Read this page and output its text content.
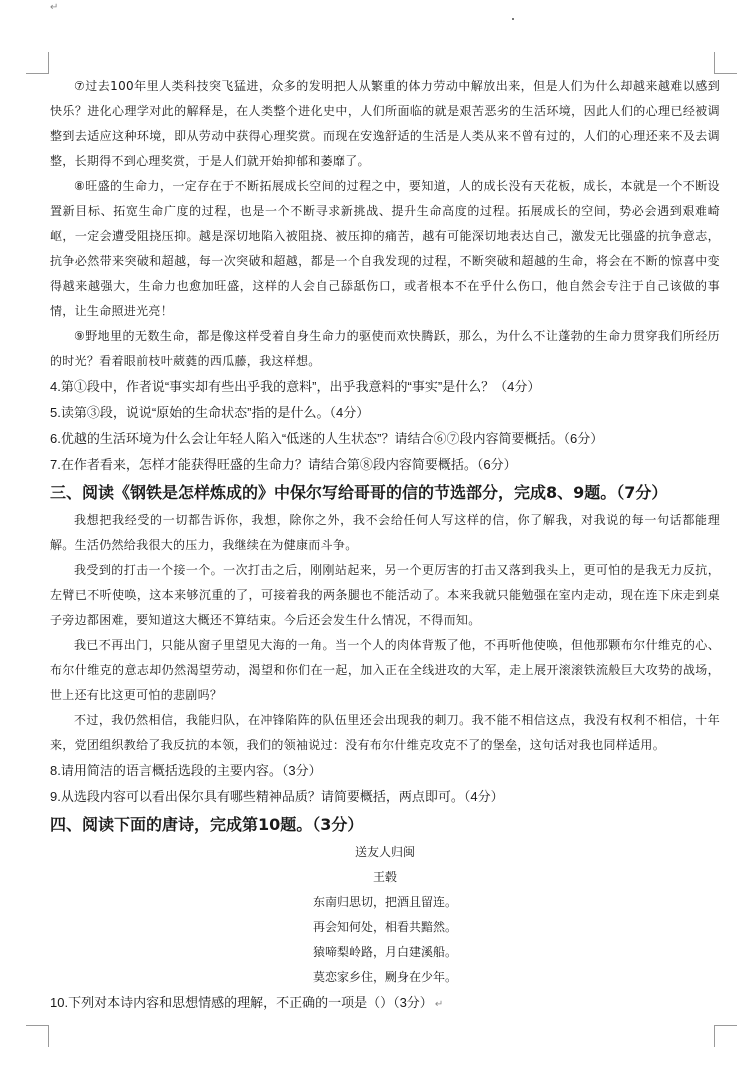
↵

⑦过去100年里人类科技突飞猛进，众多的发明把人从繁重的体力劳动中解放出来，但是人们为什么却越来越难以感到快乐？进化心理学对此的解释是，在人类整个进化史中，人们所面临的就是艰苦恶劣的生活环境，因此人们的心理已经被调整到去适应这种环境，即从劳动中获得心理奖赏。而现在安逸舒适的生活是人类从来不曾有过的，人们的心理还来不及去调整，长期得不到心理奖赏，于是人们就开始抑郁和萎靡了。

⑧旺盛的生命力，一定存在于不断拓展成长空间的过程之中，要知道，人的成长没有天花板，成长，本就是一个不断设置新目标、拓宽生命广度的过程，也是一个不断寻求新挑战、提升生命高度的过程。拓展成长的空间，势必会遇到艰难崎岖，一定会遭受阻挠压抑。越是深切地陷入被阻挠、被压抑的痛苦，越有可能深切地表达自己，激发无比强盛的抗争意志，抗争必然带来突破和超越，每一次突破和超越，都是一个自我发现的过程，不断突破和超越的生命，将会在不断的惊喜中变得越来越强大，生命力也愈加旺盛，这样的人会自己舔舐伤口，或者根本不在乎什么伤口，他自然会专注于自己该做的事情，让生命照进光亮！

⑨野地里的无数生命，都是像这样受着自身生命力的驱使而欢快腾跃，那么，为什么不让蓬勃的生命力贯穿我们所经历的时光？看着眼前枝叶葳蕤的西瓜藤，我这样想。

4.第①段中，作者说“事实却有些出乎我的意料”，出乎我意料的“事实”是什么？（4分）

5.读第③段，说说“原始的生命状态”指的是什么。（4分）

6.优越的生活环境为什么会让年轻人陷入“低迷的人生状态”？请结合⑥⑦段内容简要概括。（6分）

7.在作者看来，怎样才能获得旺盛的生命力？请结合第⑧段内容简要概括。（6分）

三、阅读《钢铁是怎样炼成的》中保尔写给哥哥的信的节选部分，完成8、9题。（7分）

我想把我经受的一切都告诉你，我想，除你之外，我不会给任何人写这样的信，你了解我，对我说的每一句话都能理解。生活仍然给我很大的压力，我继续在为健康而斗争。

我受到的打击一个接一个。一次打击之后，刚刚站起来，另一个更厉害的打击又落到我头上，更可怕的是我无力反抗，左臂已不听使唤，这本来够沉重的了，可接着我的两条腿也不能活动了。本来我就只能勉强在室内走动，现在连下床走到桌子旁边都困难，要知道这大概还不算结束。今后还会发生什么情况，不得而知。

我已不再出门，只能从窗子里望见大海的一角。当一个人的肉体背叛了他，不再听他使唤，但他那颗布尔什维克的心、布尔什维克的意志却仍然渴望劳动，渴望和你们在一起，加入正在全线进攻的大军，走上展开滚滚铁流般巨大攻势的战场，世上还有比这更可怕的悲剧吗？

不过，我仍然相信，我能归队，在冲锋陷阵的队伍里还会出现我的刺刀。我不能不相信这点，我没有权利不相信，十年来，党团组织教给了我反抗的本领，我们的领袖说过：没有布尔什维克攻克不了的堡垒，这句话对我也同样适用。

8.请用简洁的语言概括选段的主要内容。（3分）

9.从选段内容可以看出保尔具有哪些精神品质？请简要概括，两点即可。（4分）

四、阅读下面的唐诗，完成第10题。（3分）

送友人归闽
王毂
东南归思切，把酒且留连。
再会知何处，相看共黯然。
猿啼梨岭路，月白建溪船。
莫恋家乡住，劂身在少年。

10.下列对本诗内容和思想情感的理解，不正确的一项是（）（3分） ↵
